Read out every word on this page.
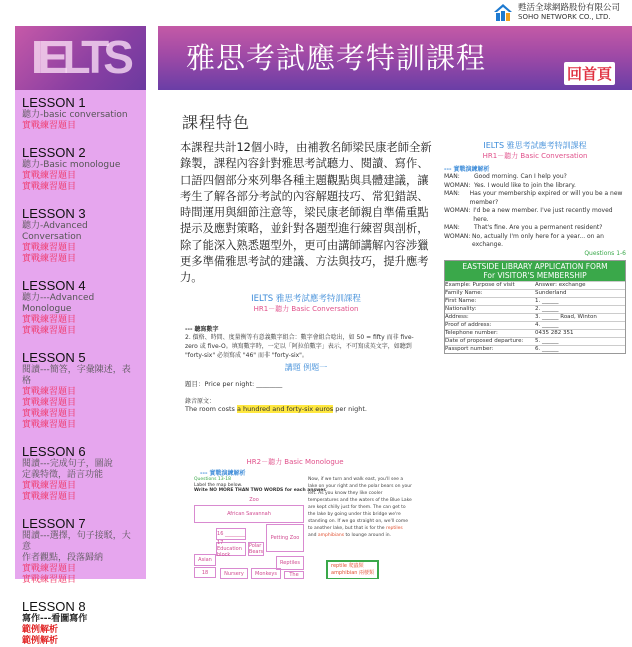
甦活全球網路股份有限公司
SOHO NETWORK CO., LTD.
IELTS 雅思考試應考特訓課程	回首頁
LESSON 1
聽力-basic conversation
實戰練習題目
LESSON 2
聽力-Basic monologue
實戰練習題目
實戰練習題目
LESSON 3
聽力-Advanced Conversation
實戰練習題目
實戰練習題目
LESSON 4
聽力---Advanced Monologue
實戰練習題目
實戰練習題目
LESSON 5
閱讀---簡答，字彙陳述，表格
實戰練習題目
實戰練習題目
實戰練習題目
實戰練習題目
LESSON 6
閱讀---完成句子，圖說
定義特徵，語言功能
實戰練習題目
實戰練習題目
LESSON 7
閱讀---選擇，句子接駁，大意
作者觀點，段落歸納
實戰練習題目
實戰練習題目
LESSON 8
寫作---看圖寫作
範例解析
範例解析
課程特色
本課程共計12個小時，由補教名師梁民康老師全新錄製，課程內容針對雅思考試聽力、閱讀、寫作、口語四個部分來列舉各種主題觀點與具體建議，讓考生了解各部分考試的內容解題技巧、常犯錯誤、時間運用與細節注意等，梁民康老師親自準備重點提示及應對策略，並針對各題型進行練習與剖析，除了能深入熟悉題型外，更可由講師講解內容涉獵更多準備雅思考試的建議、方法與技巧，提升應考力。
IELTS 雅思考試應考特訓課程
HR1－聽力 Basic Conversation
--- 實戰演練解析
MAN:	Good morning. Can I help you?
WOMAN: Yes. I would like to join the library.
MAN:	Has your membership expired or will you be a new member?
WOMAN: I'd be a new member. I've just recently moved here.
MAN:	That's fine. Are you a permanent resident?
WOMAN: No, actually I'm only here for a year... on an exchange.
Questions 1-6
EASTSIDE LIBRARY APPLICATION FORM
For VISITOR'S MEMBERSHIP
Example: Purpose of visit	Answer: exchange
Family Name:	Sunderland
First Name:	1. ______
Nationality:	2. ______
Address:	3. ______ Road, Winton
Proof of address:	4. ______
Telephone number:	0435 282 351
Date of proposed departure:	5. ______
Passport number:	6. ______
IELTS 雅思考試應考特訓課程
HR1－聽力 Basic Conversation
--- 聽寫數字
2. 價格、時間、度量衡等有意義數字組合：數字會組合唸出，如 50 = fifty 而非 five-zero 或 five-O。填寫數字時，一定以「阿拉伯數字」表示，不可寫成英文字，如聽到 "forty-six" 必須寫成 "46" 而非 "forty-six"。
講題 例題一
題目：Price per night: ________
錄音原文：
The room costs a hundred and forty-six euros per night.
HR2－聽力 Basic Monologue
--- 實戰演練解析
Questions 13-18
Label the map below.
Write NO MORE THAN TWO WORDS for each answer.
Zoo
African Savannah
16 ________
Petting Zoo
17 Education block
Polar Bears
Asian
18
Reptiles
Nursery	Monkeys	The
Now, if we turn and walk east, you'll see a lake on your right and the polar bears on your left. As you know they like cooler temperatures and the waters of the Blue Lake are kept chilly just for them. The can get to the lake by going under this bridge we're standing on. If we go straight on, we'll come to another lake, but that is for the reptiles and amphibians to lounge around in.
reptile 爬蟲類
amphibian 兩棲類
